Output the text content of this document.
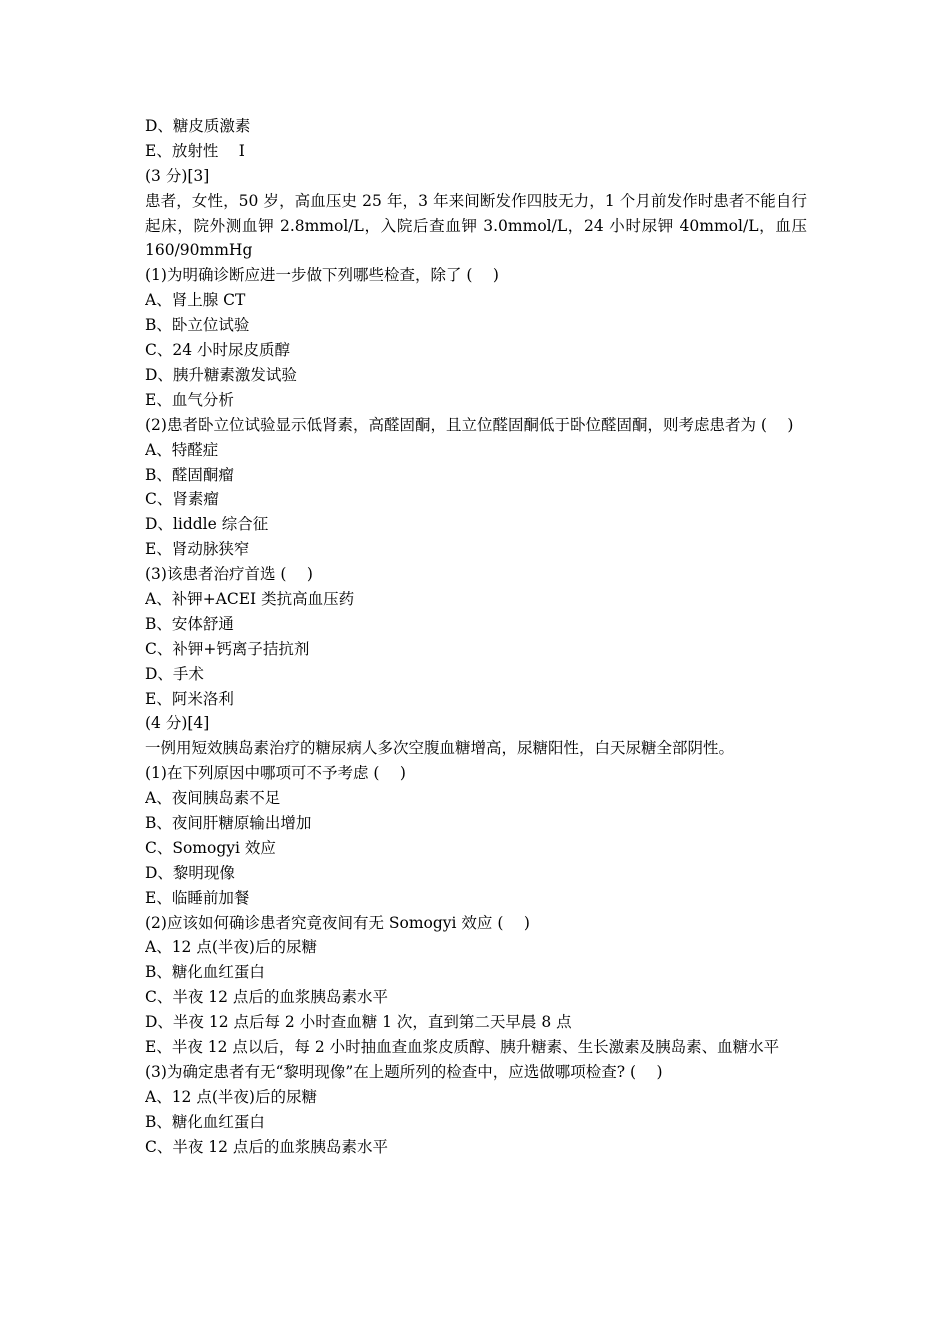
D、糖皮质激素
E、放射性　 I
(3 分)[3]
患者，女性，50 岁，高血压史 25 年，3 年来间断发作四肢无力，1 个月前发作时患者不能自行起床，院外测血钾 2.8mmol/L，入院后查血钾 3.0mmol/L，24 小时尿钾 40mmol/L，血压 160/90mmHg
(1)为明确诊断应进一步做下列哪些检查，除了 (　 )
A、肾上腺 CT
B、卧立位试验
C、24 小时尿皮质醇
D、胰升糖素激发试验
E、血气分析
(2)患者卧立位试验显示低肾素，高醛固酮，且立位醛固酮低于卧位醛固酮，则考虑患者为 (　 )
A、特醛症
B、醛固酮瘤
C、肾素瘤
D、liddle 综合征
E、肾动脉狭窄
(3)该患者治疗首选 (　 )
A、补钾+ACEI 类抗高血压药
B、安体舒通
C、补钾+钙离子拮抗剂
D、手术
E、阿米洛利
(4 分)[4]
一例用短效胰岛素治疗的糖尿病人多次空腹血糖增高，尿糖阳性，白天尿糖全部阴性。
(1)在下列原因中哪项可不予考虑 (　 )
A、夜间胰岛素不足
B、夜间肝糖原输出增加
C、Somogyi 效应
D、黎明现像
E、临睡前加餐
(2)应该如何确诊患者究竟夜间有无 Somogyi 效应 (　 )
A、12 点(半夜)后的尿糖
B、糖化血红蛋白
C、半夜 12 点后的血浆胰岛素水平
D、半夜 12 点后每 2 小时查血糖 1 次，直到第二天早晨 8 点
E、半夜 12 点以后，每 2 小时抽血查血浆皮质醇、胰升糖素、生长激素及胰岛素、血糖水平
(3)为确定患者有无“黎明现像”在上题所列的检查中，应选做哪项检查? (　 )
A、12 点(半夜)后的尿糖
B、糖化血红蛋白
C、半夜 12 点后的血浆胰岛素水平
